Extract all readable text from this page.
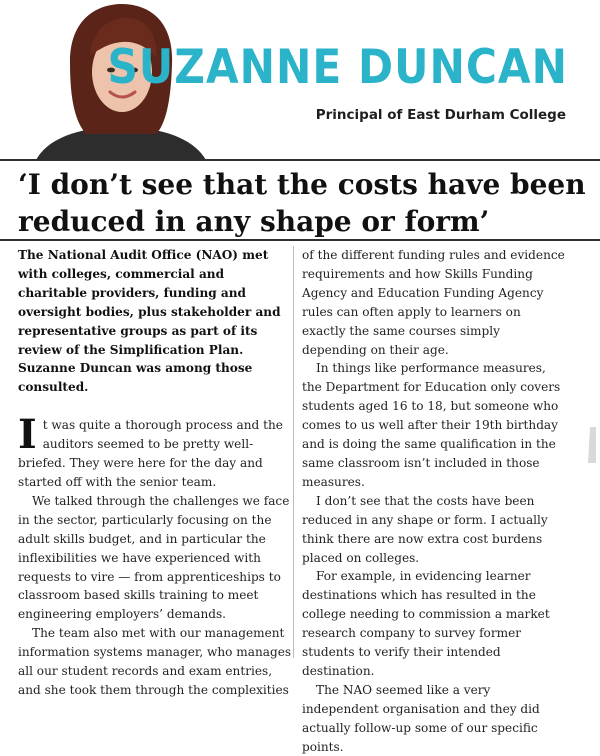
SUZANNE DUNCAN
Principal of East Durham College
‘I don’t see that the costs have been reduced in any shape or form’

The National Audit Office (NAO) met with colleges, commercial and charitable providers, funding and oversight bodies, plus stakeholder and representative groups as part of its review of the Simplification Plan. Suzanne Duncan was among those consulted.

It was quite a thorough process and the auditors seemed to be pretty well-briefed. They were here for the day and started off with the senior team.

We talked through the challenges we face in the sector, particularly focusing on the adult skills budget, and in particular the inflexibilities we have experienced with requests to vire — from apprenticeships to classroom based skills training to meet engineering employers’ demands.

The team also met with our management information systems manager, who manages all our student records and exam entries, and she took them through the complexities

of the different funding rules and evidence requirements and how Skills Funding Agency and Education Funding Agency rules can often apply to learners on exactly the same courses simply depending on their age.

In things like performance measures, the Department for Education only covers students aged 16 to 18, but someone who comes to us well after their 19th birthday and is doing the same qualification in the same classroom isn’t included in those measures.

I don’t see that the costs have been reduced in any shape or form. I actually think there are now extra cost burdens placed on colleges.

For example, in evidencing learner destinations which has resulted in the college needing to commission a market research company to survey former students to verify their intended destination.

The NAO seemed like a very independent organisation and they did actually follow-up some of our specific points.
